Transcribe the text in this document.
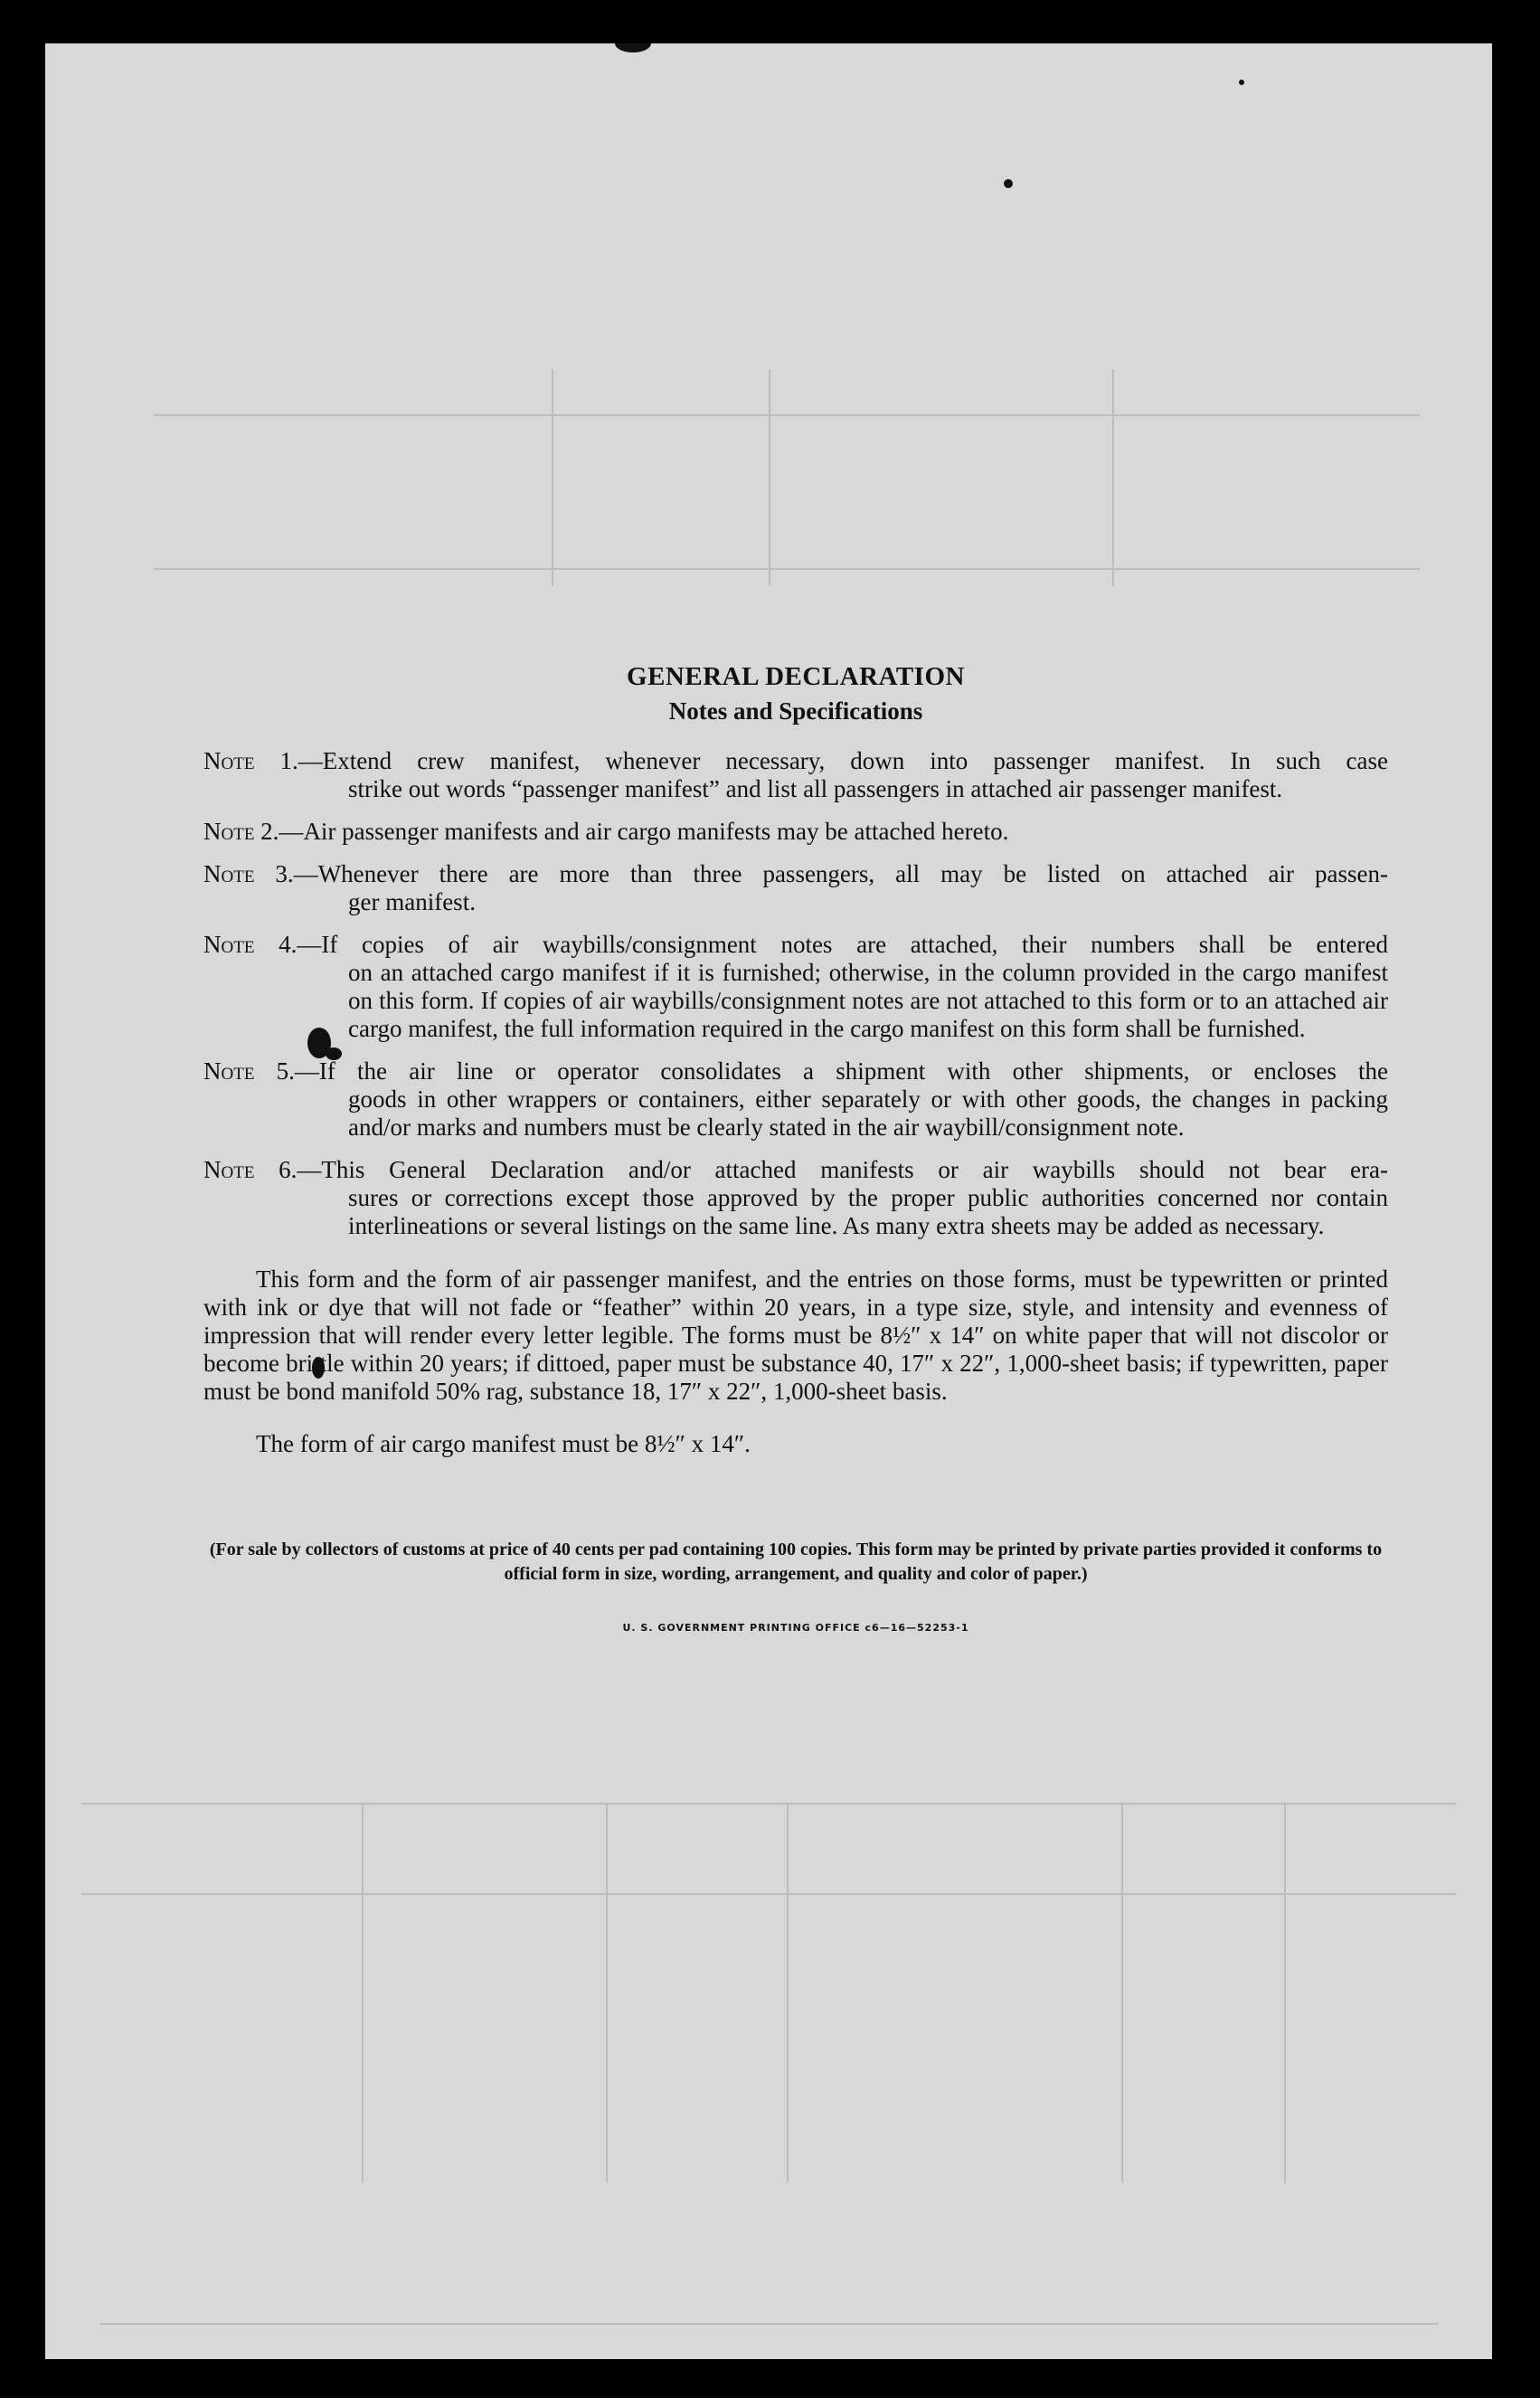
GENERAL DECLARATION
Notes and Specifications
Note 1.—Extend crew manifest, whenever necessary, down into passenger manifest. In such case
strike out words “passenger manifest” and list all passengers in attached air passenger manifest.
Note 2.—Air passenger manifests and air cargo manifests may be attached hereto.
Note 3.—Whenever there are more than three passengers, all may be listed on attached air passen-
ger manifest.
Note 4.—If copies of air waybills/consignment notes are attached, their numbers shall be entered
on an attached cargo manifest if it is furnished; otherwise, in the column provided in the cargo manifest on this form. If copies of air waybills/consignment notes are not attached to this form or to an attached air cargo manifest, the full information required in the cargo manifest on this form shall be furnished.
Note 5.—If the air line or operator consolidates a shipment with other shipments, or encloses the
goods in other wrappers or containers, either separately or with other goods, the changes in packing and/or marks and numbers must be clearly stated in the air waybill/consignment note.
Note 6.—This General Declaration and/or attached manifests or air waybills should not bear era-
sures or corrections except those approved by the proper public authorities concerned nor contain interlineations or several listings on the same line. As many extra sheets may be added as necessary.

This form and the form of air passenger manifest, and the entries on those forms, must be typewritten or printed with ink or dye that will not fade or “feather” within 20 years, in a type size, style, and intensity and evenness of impression that will render every letter legible. The forms must be 8½″ x 14″ on white paper that will not discolor or become brittle within 20 years; if dittoed, paper must be substance 40, 17″ x 22″, 1,000-sheet basis; if typewritten, paper must be bond manifold 50% rag, substance 18, 17″ x 22″, 1,000-sheet basis.

The form of air cargo manifest must be 8½″ x 14″.

(For sale by collectors of customs at price of 40 cents per pad containing 100 copies. This form may be printed by private parties provided it conforms to official form in size, wording, arrangement, and quality and color of paper.)
U. S. GOVERNMENT PRINTING OFFICE c6—16—52253-1
